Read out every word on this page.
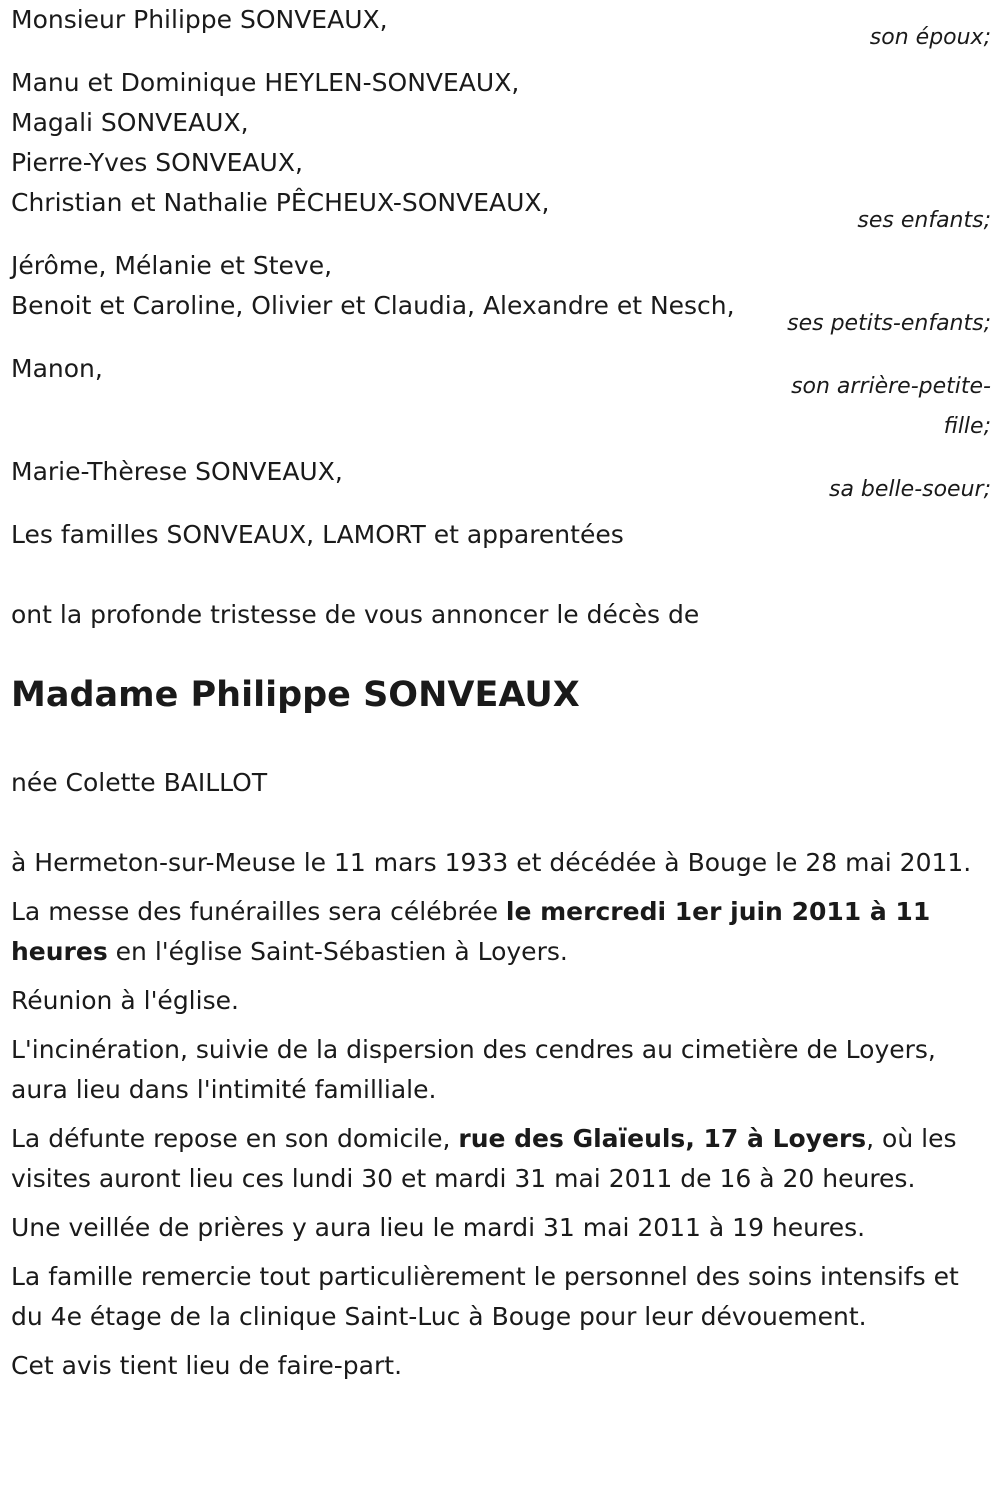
Monsieur Philippe SONVEAUX,
son époux;
Manu et Dominique HEYLEN-SONVEAUX,
Magali SONVEAUX,
Pierre-Yves SONVEAUX,
Christian et Nathalie PÊCHEUX-SONVEAUX,
ses enfants;
Jérôme, Mélanie et Steve,
Benoit et Caroline, Olivier et Claudia, Alexandre et Nesch,
ses petits-enfants;
Manon,
son arrière-petite-
fille;
Marie-Thèrese SONVEAUX,
sa belle-soeur;
Les familles SONVEAUX, LAMORT et apparentées
ont la profonde tristesse de vous annoncer le décès de
Madame Philippe SONVEAUX
née Colette BAILLOT

à Hermeton-sur-Meuse le 11 mars 1933 et décédée à Bouge le 28 mai 2011.

La messe des funérailles sera célébrée le mercredi 1er juin 2011 à 11 heures en l'église Saint-Sébastien à Loyers.

Réunion à l'église.

L'incinération, suivie de la dispersion des cendres au cimetière de Loyers, aura lieu dans l'intimité familliale.

La défunte repose en son domicile, rue des Glaïeuls, 17 à Loyers, où les visites auront lieu ces lundi 30 et mardi 31 mai 2011 de 16 à 20 heures.

Une veillée de prières y aura lieu le mardi 31 mai 2011 à 19 heures.

La famille remercie tout particulièrement le personnel des soins intensifs et du 4e étage de la clinique Saint-Luc à Bouge pour leur dévouement.

Cet avis tient lieu de faire-part.
